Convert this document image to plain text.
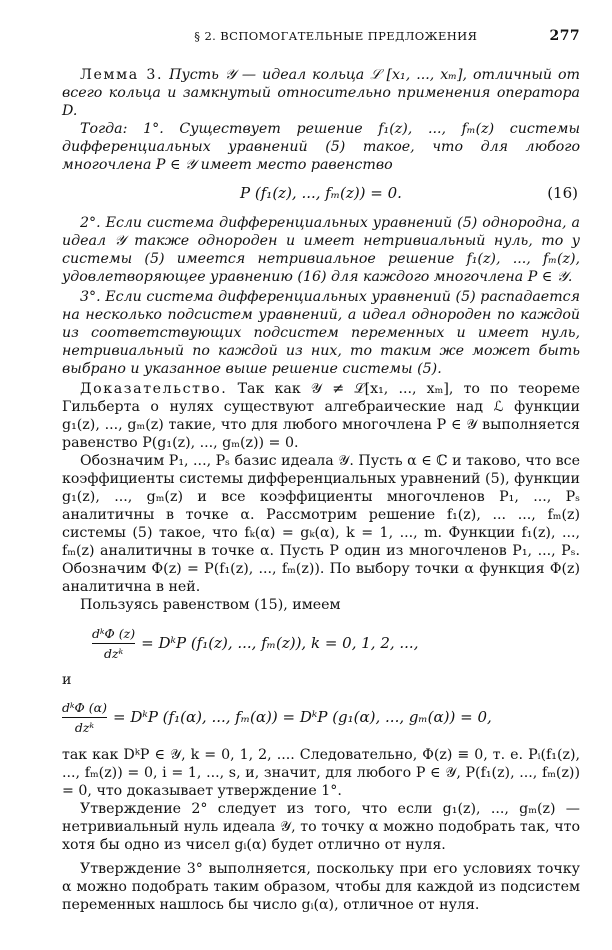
§ 2. ВСПОМОГАТЕЛЬНЫЕ ПРЕДЛОЖЕНИЯ	277

Лемма 3. Пусть 𝒴 — идеал кольца ℒ [x₁, ..., xₘ], отличный от всего кольца и замкнутый относительно применения оператора D.

Тогда: 1°. Существует решение f₁(z), ..., fₘ(z) системы дифференциальных уравнений (5) такое, что для любого многочлена P ∈ 𝒴 имеет место равенство

P (f₁(z), ..., fₘ(z)) = 0.	(16)

2°. Если система дифференциальных уравнений (5) однородна, а идеал 𝒴 также однороден и имеет нетривиальный нуль, то у системы (5) имеется нетривиальное решение f₁(z), ..., fₘ(z), удовлетворяющее уравнению (16) для каждого многочлена P ∈ 𝒴.

3°. Если система дифференциальных уравнений (5) распадается на несколько подсистем уравнений, а идеал однороден по каждой из соответствующих подсистем переменных и имеет нуль, нетривиальный по каждой из них, то таким же может быть выбрано и указанное выше решение системы (5).

Доказательство. Так как 𝒴 ≠ ℒ[x₁, ..., xₘ], то по теореме Гильберта о нулях существуют алгебраические над ℒ функции g₁(z), ..., gₘ(z) такие, что для любого многочлена P ∈ 𝒴 выполняется равенство P(g₁(z), ..., gₘ(z)) = 0.

Обозначим P₁, ..., Pₛ базис идеала 𝒴. Пусть α ∈ ℂ и таково, что все коэффициенты системы дифференциальных уравнений (5), функции g₁(z), ..., gₘ(z) и все коэффициенты многочленов P₁, ..., Pₛ аналитичны в точке α. Рассмотрим решение f₁(z), ... ..., fₘ(z) системы (5) такое, что fₖ(α) = gₖ(α), k = 1, ..., m. Функции f₁(z), ..., fₘ(z) аналитичны в точке α. Пусть P один из многочленов P₁, ..., Pₛ. Обозначим Φ(z) = P(f₁(z), ..., fₘ(z)). По выбору точки α функция Φ(z) аналитична в ней.

Пользуясь равенством (15), имеем

$\frac{\text{dᵏΦ (z)}}{\text{dzᵏ}}$ = DᵏP (f₁(z), ..., fₘ(z)), k = 0, 1, 2, ...,
и
$\frac{\text{dᵏΦ (α)}}{\text{dzᵏ}}$ = DᵏP (f₁(α), ..., fₘ(α)) = DᵏP (g₁(α), ..., gₘ(α)) = 0,

так как DᵏP ∈ 𝒴, k = 0, 1, 2, .... Следовательно, Φ(z) ≡ 0, т. е. Pᵢ(f₁(z), ..., fₘ(z)) = 0, i = 1, ..., s, и, значит, для любого P ∈ 𝒴, P(f₁(z), ..., fₘ(z)) = 0, что доказывает утверждение 1°.

Утверждение 2° следует из того, что если g₁(z), ..., gₘ(z) — нетривиальный нуль идеала 𝒴, то точку α можно подобрать так, что хотя бы одно из чисел gᵢ(α) будет отлично от нуля.

Утверждение 3° выполняется, поскольку при его условиях точку α можно подобрать таким образом, чтобы для каждой из подсистем переменных нашлось бы число gᵢ(α), отличное от нуля.
